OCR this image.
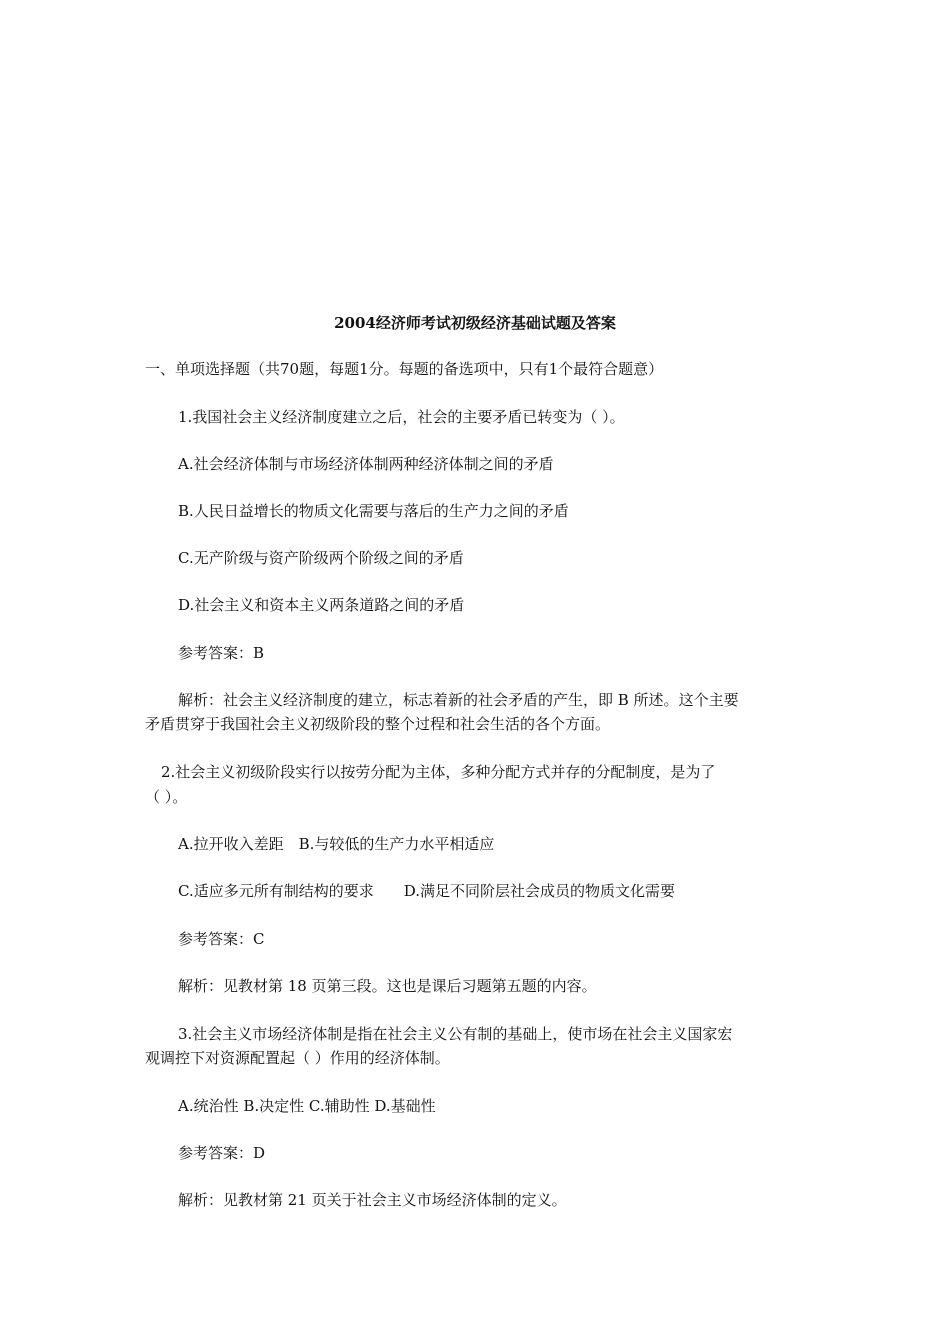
2004经济师考试初级经济基础试题及答案
一、单项选择题（共70题，每题1分。每题的备选项中，只有1个最符合题意）
1.我国社会主义经济制度建立之后，社会的主要矛盾已转变为（ ）。
A.社会经济体制与市场经济体制两种经济体制之间的矛盾
B.人民日益增长的物质文化需要与落后的生产力之间的矛盾
C.无产阶级与资产阶级两个阶级之间的矛盾
D.社会主义和资本主义两条道路之间的矛盾
参考答案：B
解析：社会主义经济制度的建立，标志着新的社会矛盾的产生，即 B 所述。这个主要
矛盾贯穿于我国社会主义初级阶段的整个过程和社会生活的各个方面。
2.社会主义初级阶段实行以按劳分配为主体，多种分配方式并存的分配制度，是为了
（ ）。
A.拉开收入差距　B.与较低的生产力水平相适应
C.适应多元所有制结构的要求　　D.满足不同阶层社会成员的物质文化需要
参考答案：C
解析：见教材第 18 页第三段。这也是课后习题第五题的内容。
3.社会主义市场经济体制是指在社会主义公有制的基础上，使市场在社会主义国家宏
观调控下对资源配置起（ ）作用的经济体制。
A.统治性 B.决定性 C.辅助性 D.基础性
参考答案：D
解析：见教材第 21 页关于社会主义市场经济体制的定义。
